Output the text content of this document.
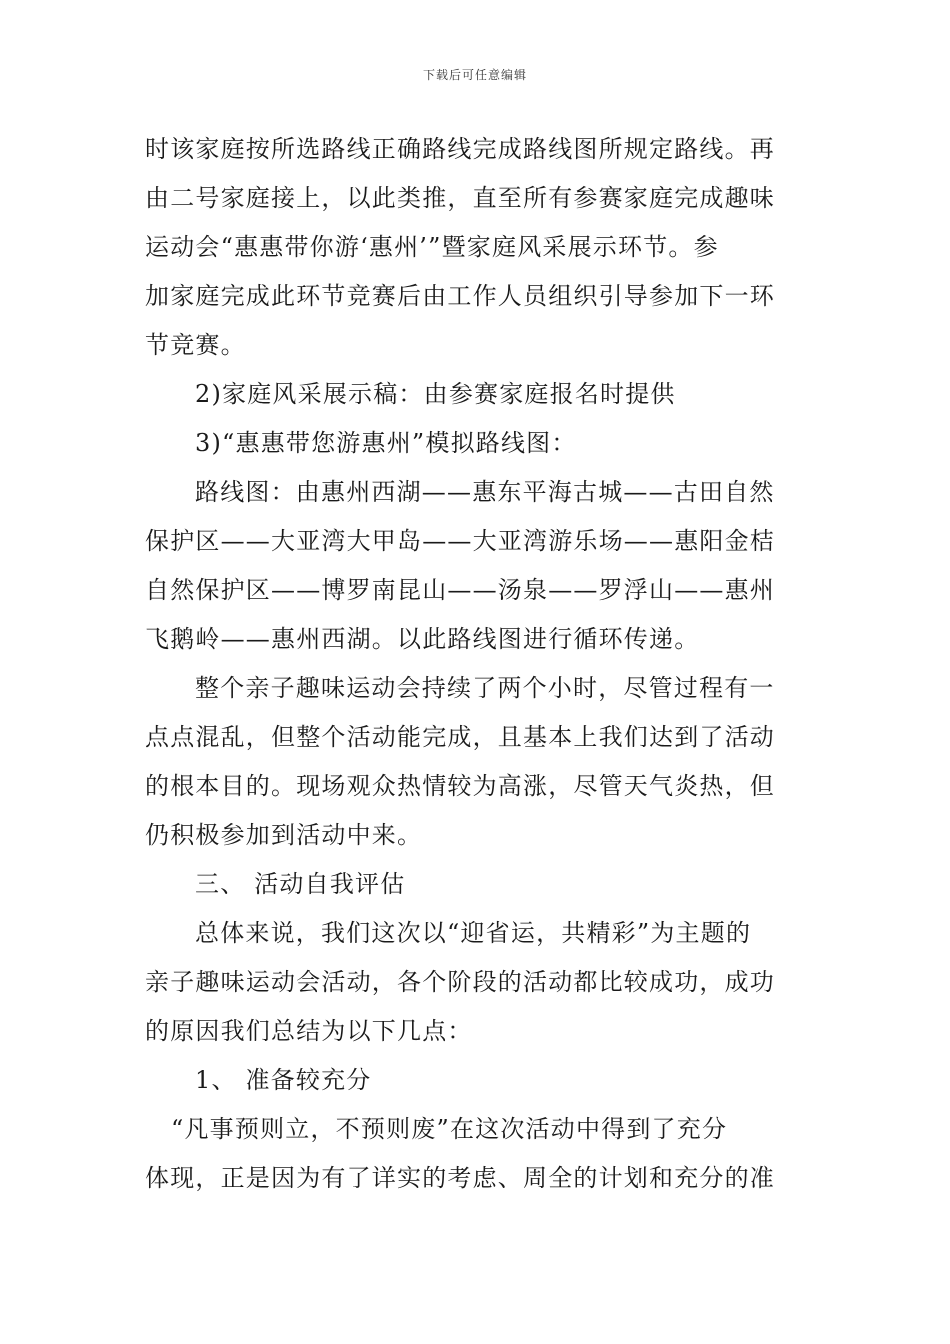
下载后可任意编辑
时该家庭按所选路线正确路线完成路线图所规定路线。再
由二号家庭接上，以此类推，直至所有参赛家庭完成趣味
运动会“惠惠带你游‘惠州’”暨家庭风采展示环节。参
加家庭完成此环节竞赛后由工作人员组织引导参加下一环
节竞赛。
2)家庭风采展示稿：由参赛家庭报名时提供
3)“惠惠带您游惠州”模拟路线图：
路线图：由惠州西湖——惠东平海古城——古田自然
保护区——大亚湾大甲岛——大亚湾游乐场——惠阳金桔
自然保护区——博罗南昆山——汤泉——罗浮山——惠州
飞鹅岭——惠州西湖。以此路线图进行循环传递。
整个亲子趣味运动会持续了两个小时，尽管过程有一
点点混乱，但整个活动能完成，且基本上我们达到了活动
的根本目的。现场观众热情较为高涨，尽管天气炎热，但
仍积极参加到活动中来。
三、 活动自我评估
总体来说，我们这次以“迎省运，共精彩”为主题的
亲子趣味运动会活动，各个阶段的活动都比较成功，成功
的原因我们总结为以下几点：
1、 准备较充分
“凡事预则立，不预则废”在这次活动中得到了充分
体现，正是因为有了详实的考虑、周全的计划和充分的准
